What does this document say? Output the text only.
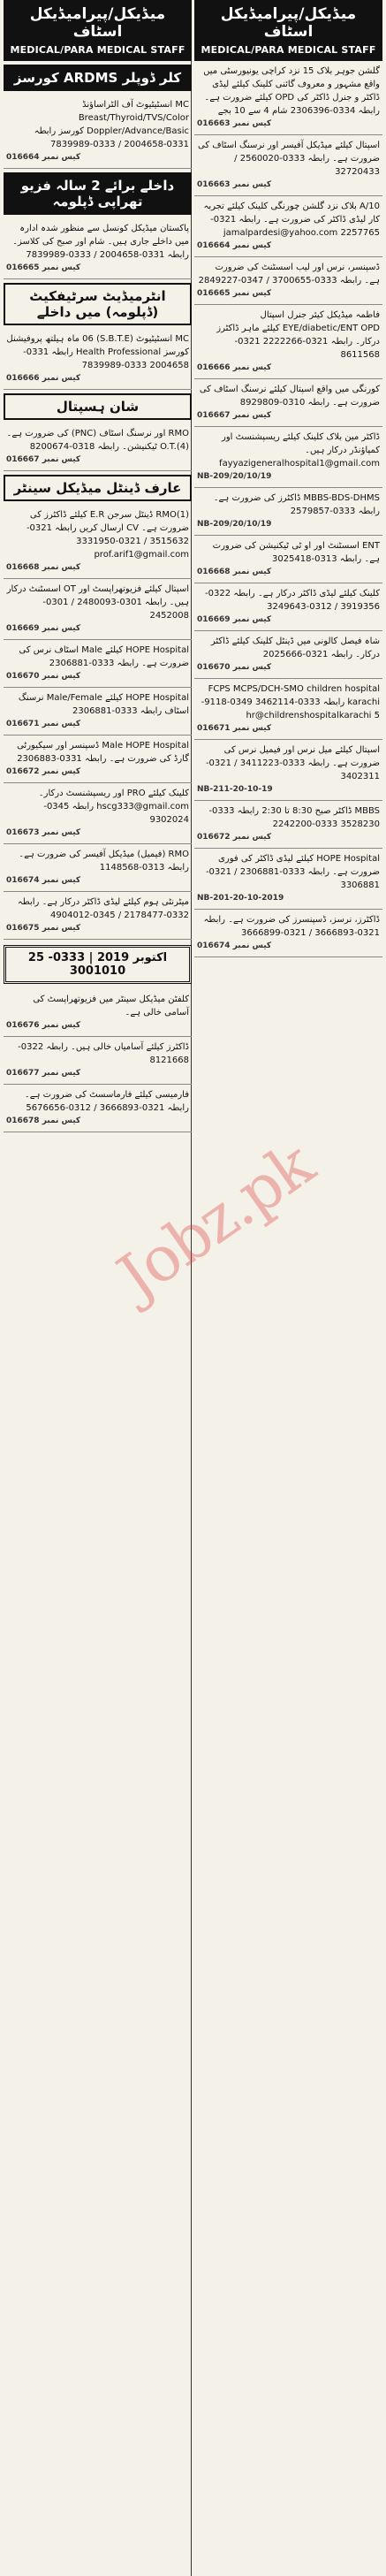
میڈیکل/پیرامیڈیکل اسٹاف
MEDICAL/PARA MEDICAL STAFF
گلشن جوہر بلاک 15 نزد کراچی یونیورسٹی میں واقع مشہور و معروف گائنی کلینک کیلئے لیڈی ڈاکٹر و جنرل ڈاکٹر کی OPD کیلئے ضرورت ہے۔ رابطہ 0334-2306396 شام 4 سے 10 بجے
کیس نمبر 016663
اسپتال کیلئے میڈیکل آفیسر اور نرسنگ اسٹاف کی ضرورت ہے۔ رابطہ 0333-2560020 / 32720433
کیس نمبر 016663
10/A بلاک نزد گلشن چورنگی کلینک کیلئے تجربہ کار لیڈی ڈاکٹر کی ضرورت ہے۔ رابطہ 0321-2257765 jamalpardesi@yahoo.com
کیس نمبر 016664
ڈسپنسر، نرس اور لیب اسسٹنٹ کی ضرورت ہے۔ رابطہ 0333-3700655 / 0347-2849227
کیس نمبر 016665
فاطمہ میڈیکل کیئر جنرل اسپتال EYE/diabetic/ENT OPD کیلئے ماہر ڈاکٹرز درکار۔ رابطہ 0321-2222266 0321-8611568
کیس نمبر 016666
کورنگی میں واقع اسپتال کیلئے نرسنگ اسٹاف کی ضرورت ہے۔ رابطہ 0310-8929809
کیس نمبر 016667
ڈاکٹر مین بلاک کلینک کیلئے ریسپشنسٹ اور کمپاؤنڈر درکار ہیں۔ fayyazigeneralhospital1@gmail.com
NB-209/20/10/19
MBBS-BDS-DHMS ڈاکٹرز کی ضرورت ہے۔ رابطہ 0333-2579857
NB-209/20/10/19
ENT اسسٹنٹ اور او ٹی ٹیکنیشن کی ضرورت ہے۔ رابطہ 0313-3025418
کیس نمبر 016668
کلینک کیلئے لیڈی ڈاکٹر درکار ہے۔ رابطہ 0322-3919356 / 0312-3249643
کیس نمبر 016669
شاہ فیصل کالونی میں ڈینٹل کلینک کیلئے ڈاکٹر درکار۔ رابطہ 0321-2025666
کیس نمبر 016670
FCPS MCPS/DCH-SMO children hospital karachi رابطہ 0333-3462114 0349-9118-5 hr@childrenshospitalkarachi
کیس نمبر 016671
اسپتال کیلئے میل نرس اور فیمیل نرس کی ضرورت ہے۔ رابطہ 0333-3411223 / 0321-3402311
NB-211-20-10-19
MBBS ڈاکٹر صبح 8:30 تا 2:30 رابطہ 0333-3528230 0333-2242200
کیس نمبر 016672
HOPE Hospital کیلئے لیڈی ڈاکٹر کی فوری ضرورت ہے۔ رابطہ 0333-2306881 / 0321-3306881
NB-201-20-10-2019
ڈاکٹرز، نرسز، ڈسپنسرز کی ضرورت ہے۔ رابطہ 0321-3666893 / 0321-3666899
کیس نمبر 016674
میڈیکل/پیرامیڈیکل اسٹاف
MEDICAL/PARA MEDICAL STAFF
کلر ڈوپلر ARDMS کورسز
MC انسٹیٹیوٹ آف الٹراساؤنڈ Breast/Thyroid/TVS/Color Doppler/Advance/Basic کورسز رابطہ 0331-2004658 / 0333-7839989
کیس نمبر 016664
داخلے برائے 2 سالہ فزیو تھراپی ڈپلومہ
پاکستان میڈیکل کونسل سے منظور شدہ ادارہ میں داخلے جاری ہیں۔ شام اور صبح کی کلاسز۔ رابطہ 0331-2004658 / 0333-7839989
کیس نمبر 016665
انٹرمیڈیٹ سرٹیفکیٹ (ڈپلومہ) میں داخلے
MC انسٹیٹیوٹ (S.B.T.E) 06 ماہ ہیلتھ پروفیشنل کورسز Health Professional رابطہ 0331-2004658 0333-7839989
کیس نمبر 016666
شان ہسپتال
RMO اور نرسنگ اسٹاف (PNC) کی ضرورت ہے۔ O.T.(4) ٹیکنیشن۔ رابطہ 0318-8200674
کیس نمبر 016667
عارف ڈینٹل میڈیکل سینٹر
RMO(1) ڈینٹل سرجن E.R کیلئے ڈاکٹرز کی ضرورت ہے۔ CV ارسال کریں رابطہ 0321-3515632 / 0321-3331950 prof.arif1@gmail.com
کیس نمبر 016668
اسپتال کیلئے فزیوتھراپسٹ اور OT اسسٹنٹ درکار ہیں۔ رابطہ 0301-2480093 / 0301-2452008
کیس نمبر 016669
HOPE Hospital کیلئے Male اسٹاف نرس کی ضرورت ہے۔ رابطہ 0333-2306881
کیس نمبر 016670
HOPE Hospital کیلئے Male/Female نرسنگ اسٹاف رابطہ 0333-2306881
کیس نمبر 016671
Male HOPE Hospital ڈسپنسر اور سیکیورٹی گارڈ کی ضرورت ہے۔ رابطہ 0331-2306883
کیس نمبر 016672
کلینک کیلئے PRO اور ریسپشنسٹ درکار۔ hscg333@gmail.com رابطہ 0345-9302024
کیس نمبر 016673
RMO (فیمیل) میڈیکل آفیسر کی ضرورت ہے۔ رابطہ 0313-1148568
کیس نمبر 016674
میٹرنٹی ہوم کیلئے لیڈی ڈاکٹر درکار ہے۔ رابطہ 0332-2178477 / 0345-4904012
کیس نمبر 016675
25 اکتوبر 2019 | 0333-3001010
کلفٹن میڈیکل سینٹر میں فزیوتھراپسٹ کی آسامی خالی ہے۔
کیس نمبر 016676
ڈاکٹرز کیلئے آسامیاں خالی ہیں۔ رابطہ 0322-8121668
کیس نمبر 016677
فارمیسی کیلئے فارماسسٹ کی ضرورت ہے۔ رابطہ 0321-3666893 / 0312-5676656
کیس نمبر 016678
Jobz.pk
